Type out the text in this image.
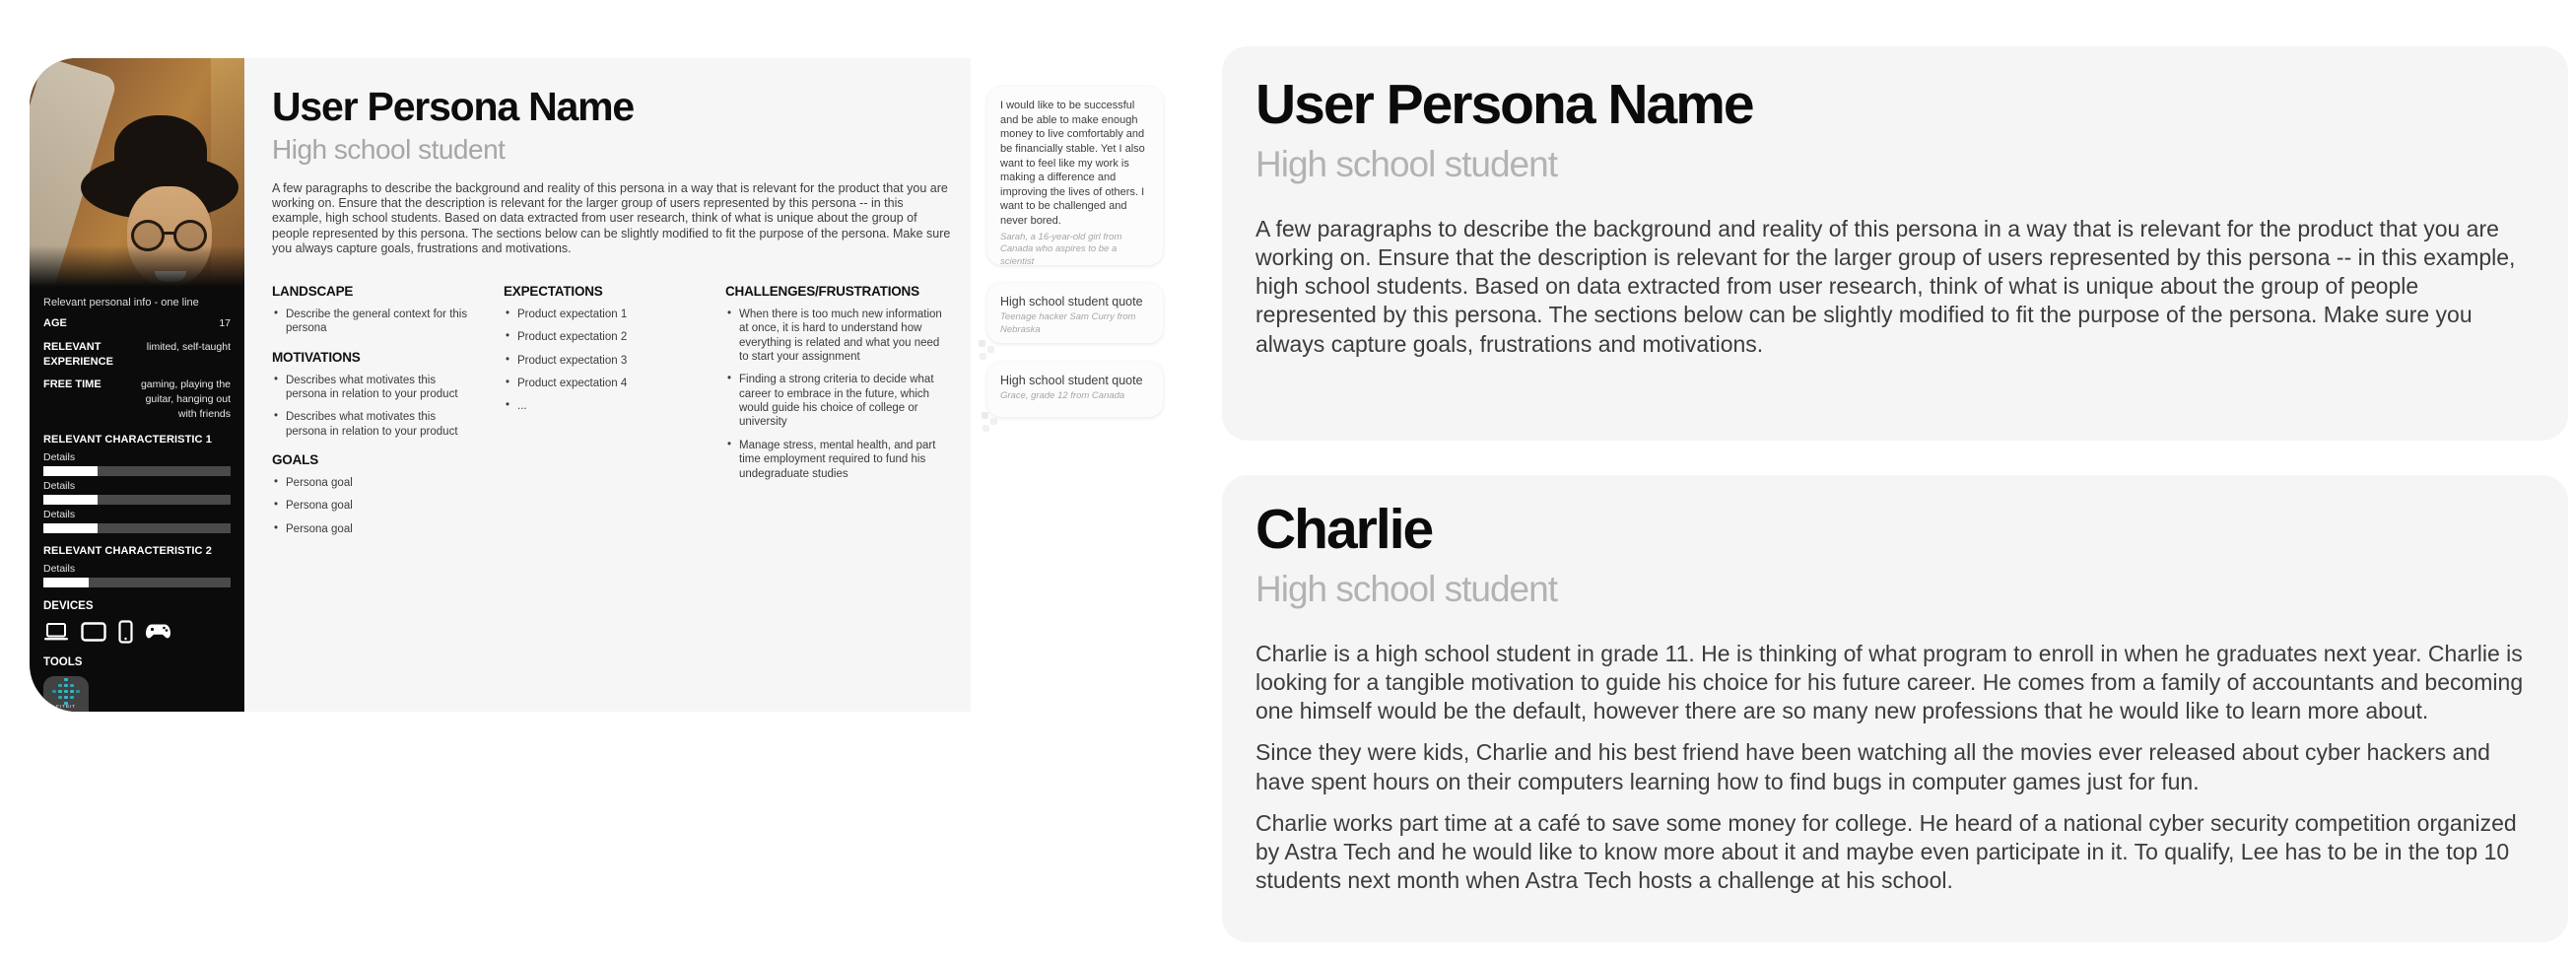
Relevant personal info - one line
AGE	17
RELEVANT EXPERIENCE
limited, self-taught
FREE TIME	gaming, playing the guitar, hanging out with friends
RELEVANT CHARACTERISTIC 1
Details
Details
Details
RELEVANT CHARACTERISTIC 2
Details
DEVICES
TOOLS
FITBIT
User Persona Name
High school student
A few paragraphs to describe the background and reality of this persona in a way that is relevant for the product that you are working on. Ensure that the description is relevant for the larger group of users represented by this persona -- in this example, high school students. Based on data extracted from user research, think of what is unique about the group of people represented by this persona. The sections below can be slightly modified to fit the purpose of the persona. Make sure you always capture goals, frustrations and motivations.
LANDSCAPE
• Describe the general context for this persona
MOTIVATIONS
• Describes what motivates this persona in relation to your product
• Describes what motivates this persona in relation to your product
GOALS
• Persona goal
• Persona goal
• Persona goal
EXPECTATIONS
• Product expectation 1
• Product expectation 2
• Product expectation 3
• Product expectation 4
• ...
CHALLENGES/FRUSTRATIONS
• When there is too much new information at once, it is hard to understand how everything is related and what you need to start your assignment
• Finding a strong criteria to decide what career to embrace in the future, which would guide his choice of college or university
• Manage stress, mental health, and part time employment required to fund his undegraduate studies
I would like to be successful and be able to make enough money to live comfortably and be financially stable. Yet I also want to feel like my work is making a difference and improving the lives of others. I want to be challenged and never bored.
Sarah, a 16-year-old girl from Canada who aspires to be a scientist
High school student quote
Teenage hacker Sam Curry from Nebraska
High school student quote
Grace, grade 12 from Canada
User Persona Name
High school student

A few paragraphs to describe the background and reality of this persona in a way that is relevant for the product that you are working on. Ensure that the description is relevant for the larger group of users represented by this persona -- in this example, high school students. Based on data extracted from user research, think of what is unique about the group of people represented by this persona. The sections below can be slightly modified to fit the purpose of the persona. Make sure you always capture goals, frustrations and motivations.

Charlie
High school student

Charlie is a high school student in grade 11. He is thinking of what program to enroll in when he graduates next year. Charlie is looking for a tangible motivation to guide his choice for his future career. He comes from a family of accountants and becoming one himself would be the default, however there are so many new professions that he would like to learn more about.

Since they were kids, Charlie and his best friend have been watching all the movies ever released about cyber hackers and have spent hours on their computers learning how to find bugs in computer games just for fun.

Charlie works part time at a café to save some money for college. He heard of a national cyber security competition organized by Astra Tech and he would like to know more about it and maybe even participate in it. To qualify, Lee has to be in the top 10 students next month when Astra Tech hosts a challenge at his school.
